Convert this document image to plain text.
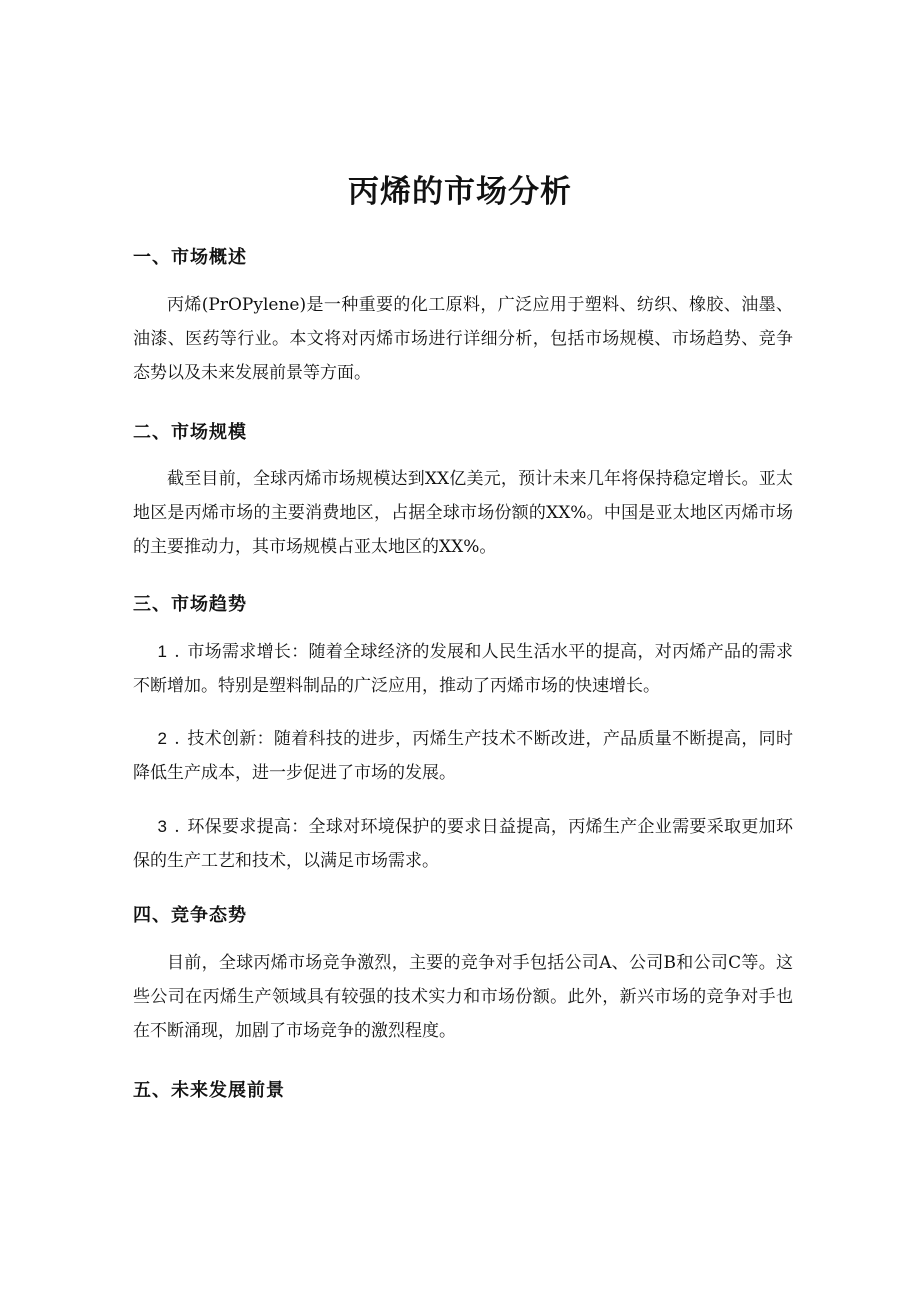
丙烯的市场分析
一、市场概述

丙烯(PrOPylene)是一种重要的化工原料，广泛应用于塑料、纺织、橡胶、油墨、油漆、医药等行业。本文将对丙烯市场进行详细分析，包括市场规模、市场趋势、竞争态势以及未来发展前景等方面。

二、市场规模

截至目前，全球丙烯市场规模达到XX亿美元，预计未来几年将保持稳定增长。亚太地区是丙烯市场的主要消费地区，占据全球市场份额的XX%。中国是亚太地区丙烯市场的主要推动力，其市场规模占亚太地区的XX%。

三、市场趋势

1 . 市场需求增长：随着全球经济的发展和人民生活水平的提高，对丙烯产品的需求不断增加。特别是塑料制品的广泛应用，推动了丙烯市场的快速增长。

2 . 技术创新：随着科技的进步，丙烯生产技术不断改进，产品质量不断提高，同时降低生产成本，进一步促进了市场的发展。

3 . 环保要求提高：全球对环境保护的要求日益提高，丙烯生产企业需要采取更加环保的生产工艺和技术，以满足市场需求。

四、竞争态势

目前，全球丙烯市场竞争激烈，主要的竞争对手包括公司A、公司B和公司C等。这些公司在丙烯生产领域具有较强的技术实力和市场份额。此外，新兴市场的竞争对手也在不断涌现，加剧了市场竞争的激烈程度。

五、未来发展前景
